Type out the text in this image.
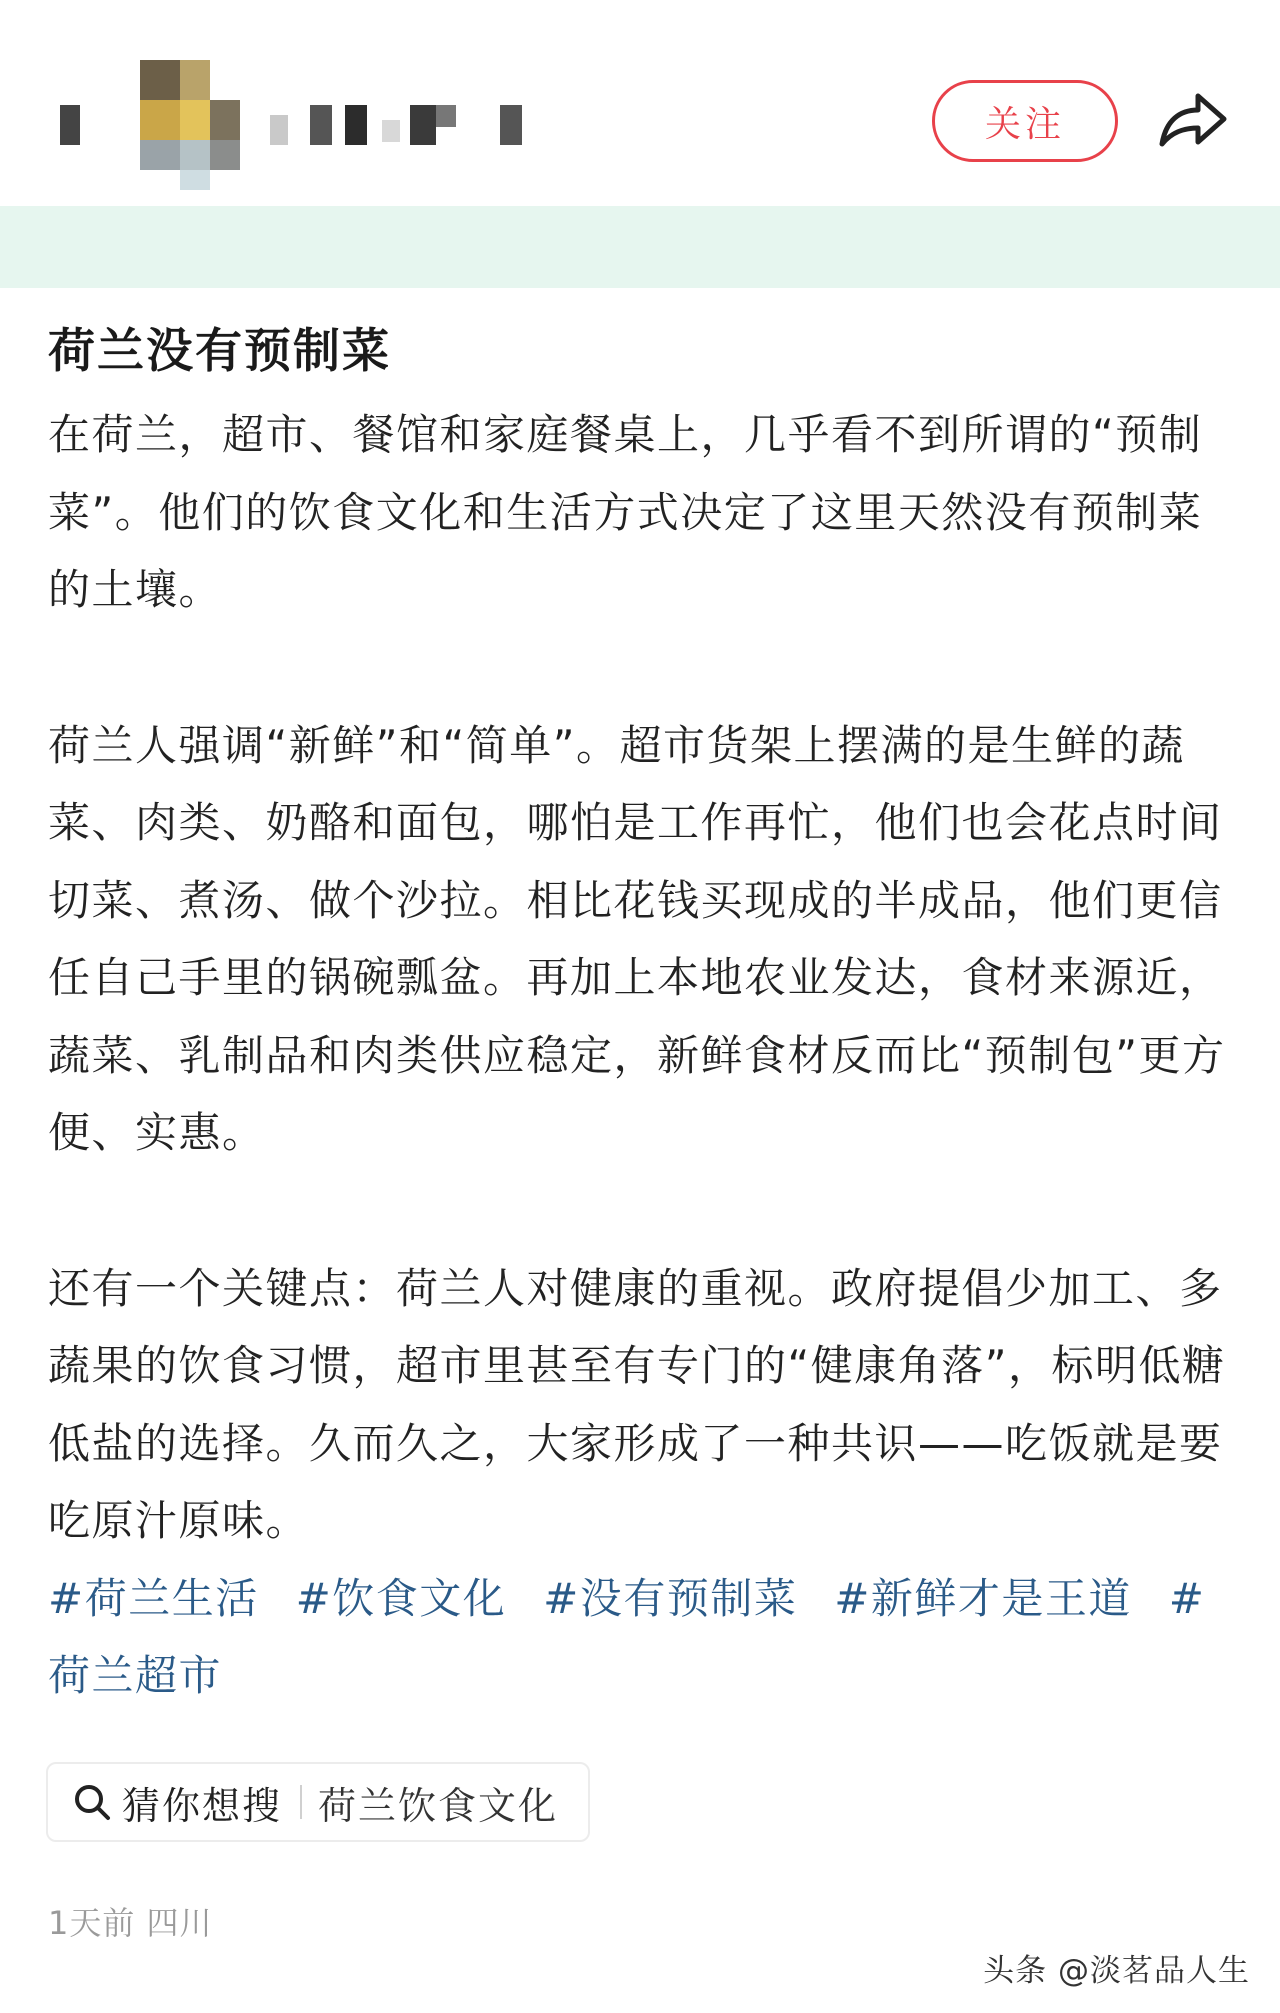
关注
荷兰没有预制菜

在荷兰，超市、餐馆和家庭餐桌上，几乎看不到所谓的“预制菜”。他们的饮食文化和生活方式决定了这里天然没有预制菜的土壤。

荷兰人强调“新鲜”和“简单”。超市货架上摆满的是生鲜的蔬菜、肉类、奶酪和面包，哪怕是工作再忙，他们也会花点时间切菜、煮汤、做个沙拉。相比花钱买现成的半成品，他们更信任自己手里的锅碗瓢盆。再加上本地农业发达，食材来源近，蔬菜、乳制品和肉类供应稳定，新鲜食材反而比“预制包”更方便、实惠。

还有一个关键点：荷兰人对健康的重视。政府提倡少加工、多蔬果的饮食习惯，超市里甚至有专门的“健康角落”，标明低糖低盐的选择。久而久之，大家形成了一种共识——吃饭就是要吃原汁原味。

#荷兰生活 #饮食文化 #没有预制菜 #新鲜才是王道 #荷兰超市

猜你想搜 荷兰饮食文化
1天前 四川
头条 @淡茗品人生
